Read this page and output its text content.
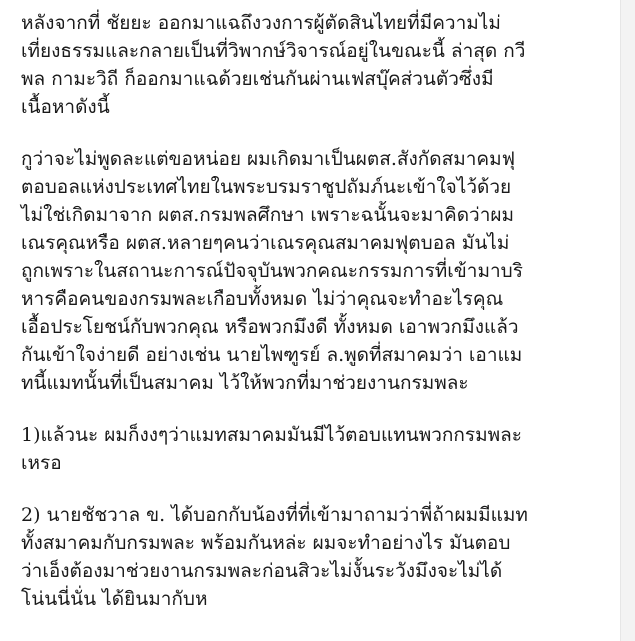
หลังจากที่ ชัยยะ ออกมาแฉถึงวงการผู้ตัดสินไทยที่มีความไม่
เที่ยงธรรมและกลายเป็นที่วิพากษ์วิจารณ์อยู่ในขณะนี้ ล่าสุด กวี
พล กามะวิถี ก็ออกมาแฉด้วยเช่นกันผ่านเฟสบุ๊คส่วนตัวซึ่งมี
เนื้อหาดังนี้

กูว่าจะไม่พูดละแต่ขอหน่อย ผมเกิดมาเป็นผตส.สังกัดสมาคมฟุ
ตอบอลแห่งประเทศไทยในพระบรมราชูปถัมภ์นะเข้าใจไว้ด้วย
ไม่ใช่เกิดมาจาก ผตส.กรมพลศึกษา เพราะฉนั้นจะมาคิดว่าผม
เณรคุณหรือ ผตส.หลายๆคนว่าเณรคุณสมาคมฟุตบอล มันไม่
ถูกเพราะในสถานะการณ์ปัจจุบันพวกคณะกรรมการที่เข้ามาบริ
หารคือคนของกรมพละเกือบทั้งหมด ไม่ว่าคุณจะทำอะไรคุณ
เอื้อประโยชน์กับพวกคุณ หรือพวกมึงดี ทั้งหมด เอาพวกมึงแล้ว
กันเข้าใจง่ายดี อย่างเช่น นายไพฑูรย์ ล.พูดที่สมาคมว่า เอาแม
ทนี้แมทนั้นที่เป็นสมาคม ไว้ให้พวกที่มาช่วยงานกรมพละ

1)แล้วนะ ผมก็งงๆว่าแมทสมาคมมันมีไว้ตอบแทนพวกกรมพละ
เหรอ

2) นายชัชวาล ข. ได้บอกกับน้องที่ที่เข้ามาถามว่าพี่ถ้าผมมีแมท
ทั้งสมาคมกับกรมพละ พร้อมกันหล่ะ ผมจะทำอย่างไร มันตอบ
ว่าเอ็งต้องมาช่วยงานกรมพละก่อนสิวะไม่งั้นระวังมึงจะไม่ได้
โน่นนี่นั่น ได้ยินมากับห
